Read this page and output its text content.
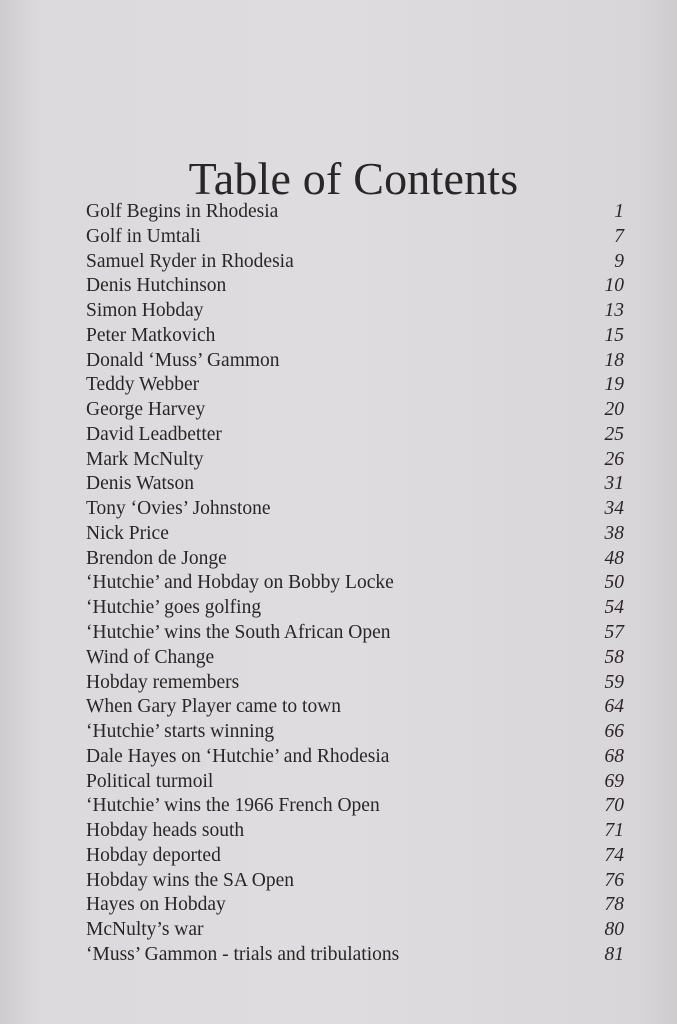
Table of Contents
Golf Begins in Rhodesia	1
Golf in Umtali	7
Samuel Ryder in Rhodesia	9
Denis Hutchinson	10
Simon Hobday	13
Peter Matkovich	15
Donald ‘Muss’ Gammon	18
Teddy Webber	19
George Harvey	20
David Leadbetter	25
Mark McNulty	26
Denis Watson	31
Tony ‘Ovies’ Johnstone	34
Nick Price	38
Brendon de Jonge	48
‘Hutchie’ and Hobday on Bobby Locke	50
‘Hutchie’ goes golfing	54
‘Hutchie’ wins the South African Open	57
Wind of Change	58
Hobday remembers	59
When Gary Player came to town	64
‘Hutchie’ starts winning	66
Dale Hayes on ‘Hutchie’ and Rhodesia	68
Political turmoil	69
‘Hutchie’ wins the 1966 French Open	70
Hobday heads south	71
Hobday deported	74
Hobday wins the SA Open	76
Hayes on Hobday	78
McNulty’s war	80
‘Muss’ Gammon - trials and tribulations	81
